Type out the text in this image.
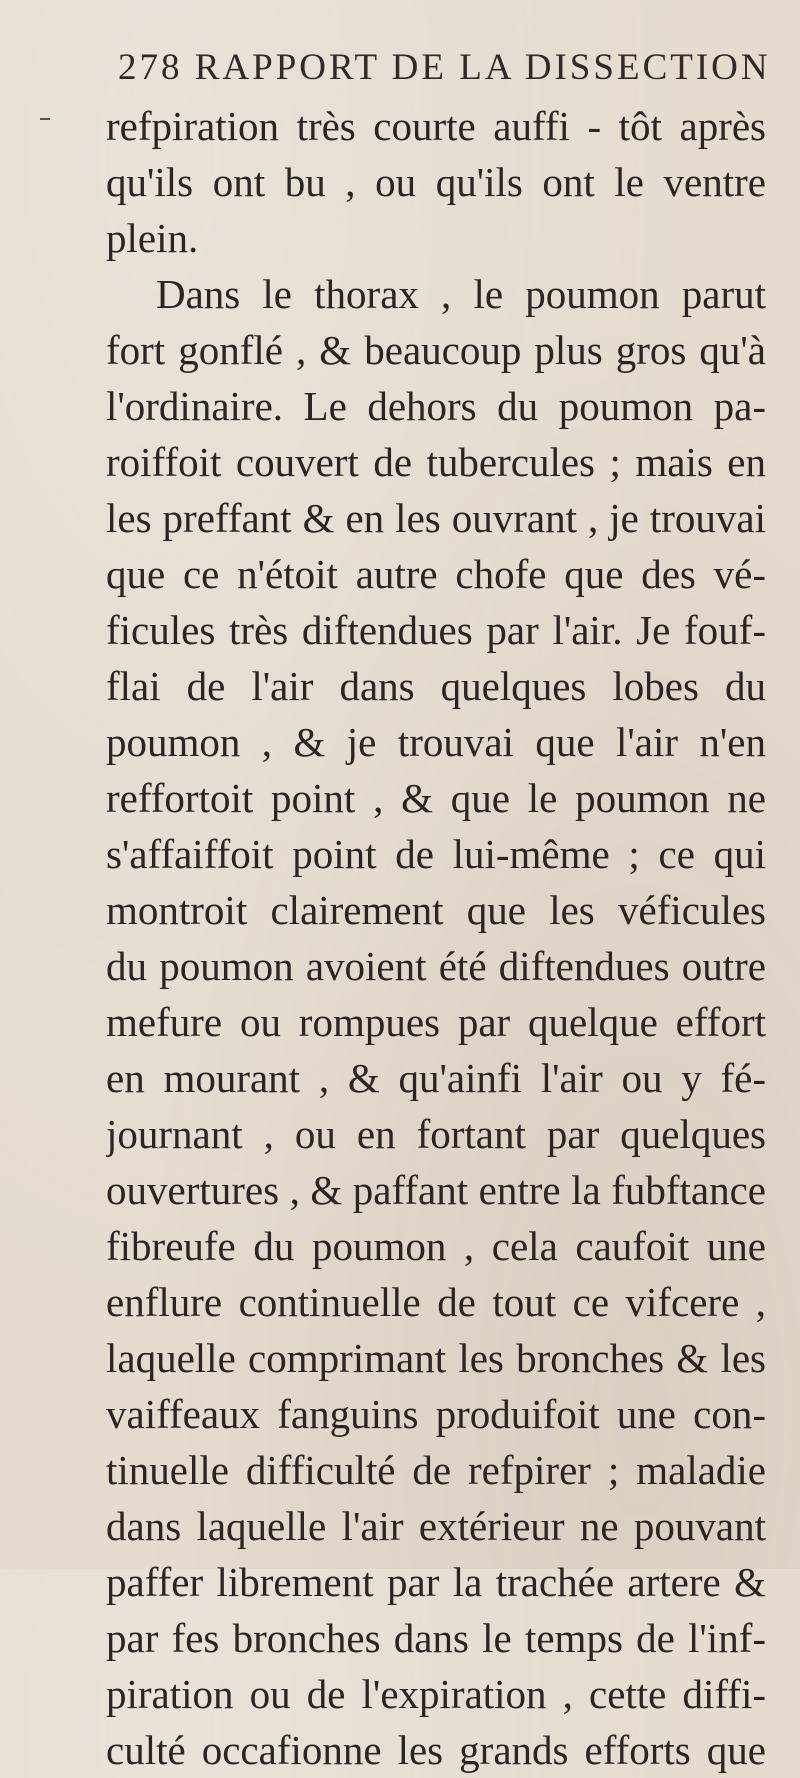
278 RAPPORT DE LA DISSECTION
refpiration très courte auffi - tôt après
qu'ils ont bu , ou qu'ils ont le ventre
plein.
Dans le thorax , le poumon parut
fort gonflé , & beaucoup plus gros qu'à
l'ordinaire. Le dehors du poumon pa-
roiffoit couvert de tubercules ; mais en
les preffant & en les ouvrant , je trouvai
que ce n'étoit autre chofe que des vé-
ficules très diftendues par l'air. Je fouf-
flai de l'air dans quelques lobes du
poumon , & je trouvai que l'air n'en
reffortoit point , & que le poumon ne
s'affaiffoit point de lui-même ; ce qui
montroit clairement que les véficules
du poumon avoient été diftendues outre
mefure ou rompues par quelque effort
en mourant , & qu'ainfi l'air ou y fé-
journant , ou en fortant par quelques
ouvertures , & paffant entre la fubftance
fibreufe du poumon , cela caufoit une
enflure continuelle de tout ce vifcere ,
laquelle comprimant les bronches & les
vaiffeaux fanguins produifoit une con-
tinuelle difficulté de refpirer ; maladie
dans laquelle l'air extérieur ne pouvant
paffer librement par la trachée artere &
par fes bronches dans le temps de l'inf-
piration ou de l'expiration , cette diffi-
culté occafionne les grands efforts que
